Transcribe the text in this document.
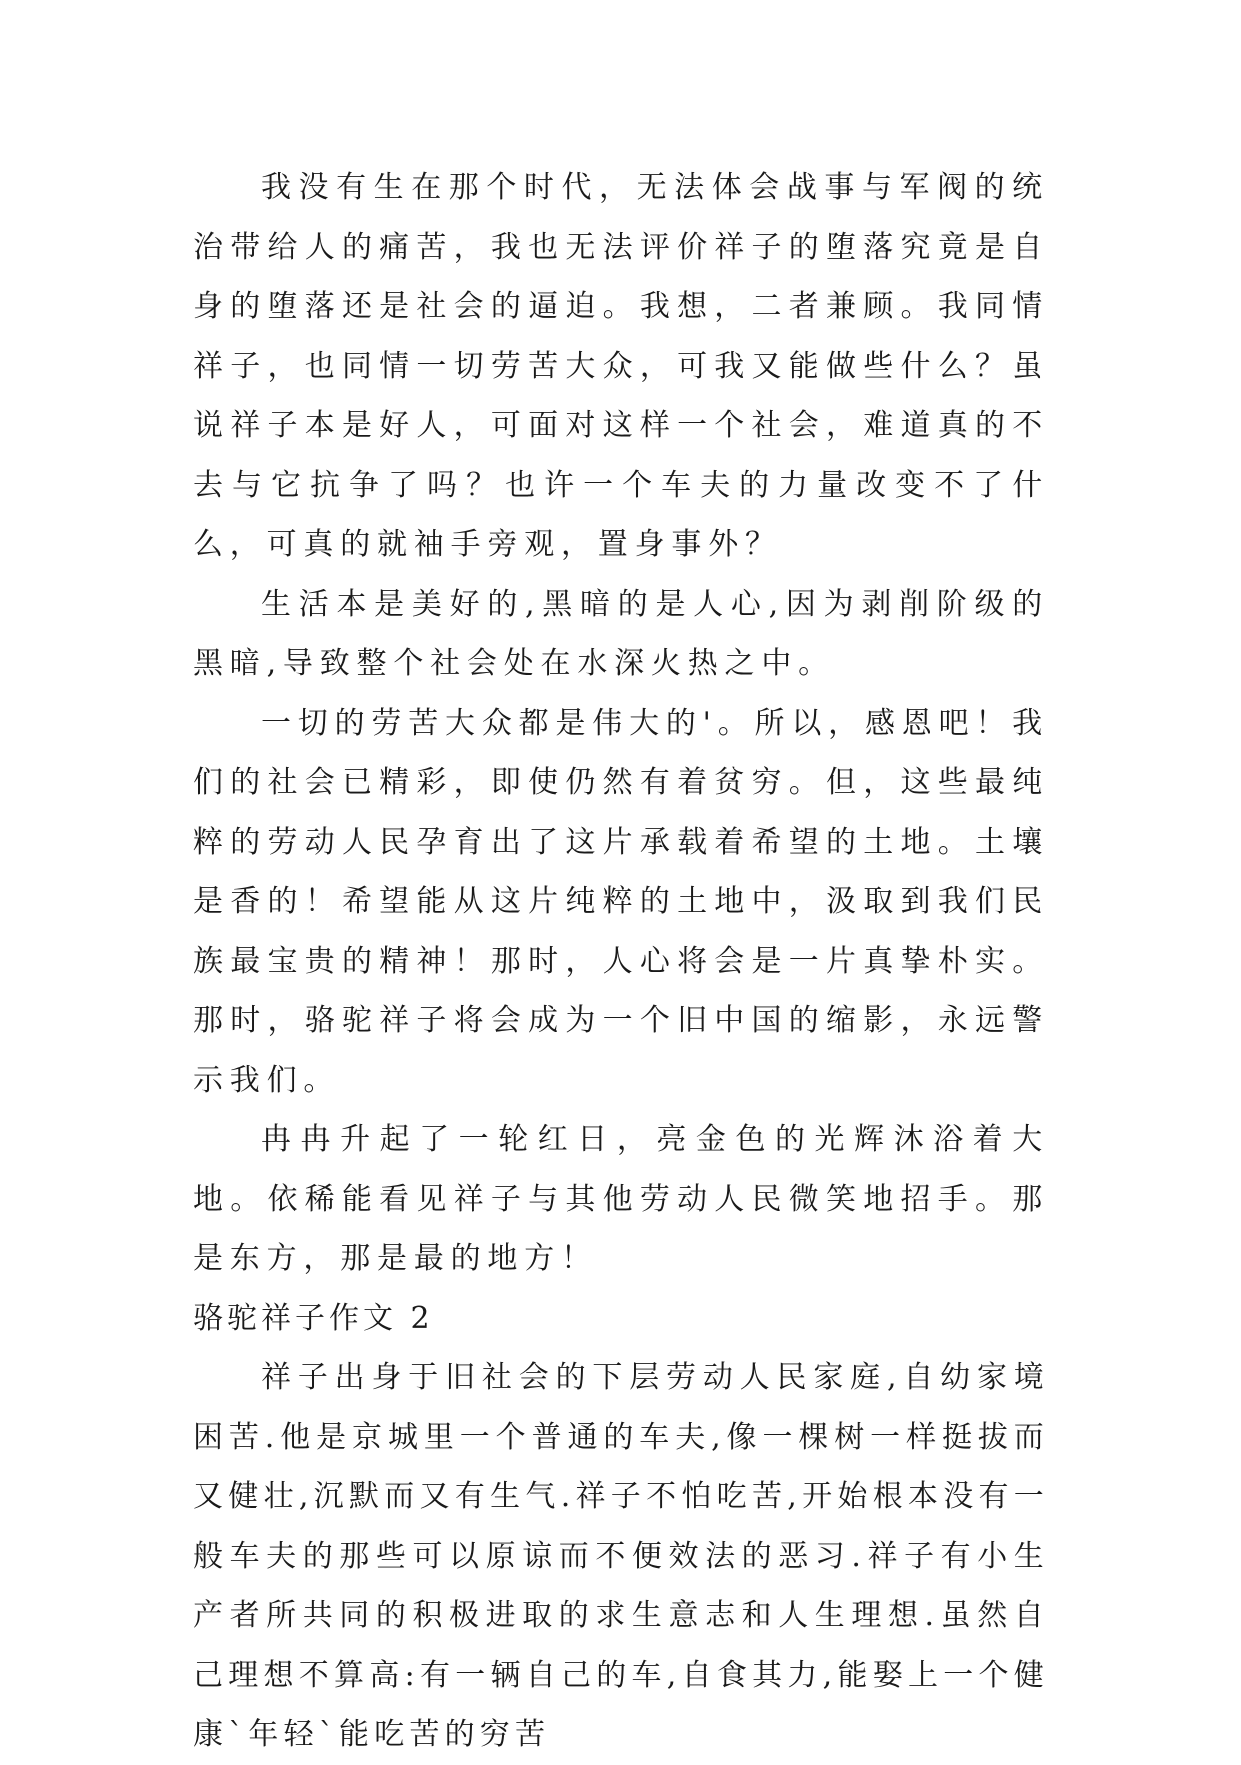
我没有生在那个时代，无法体会战事与军阀的统治带给人的痛苦，我也无法评价祥子的堕落究竟是自身的堕落还是社会的逼迫。我想，二者兼顾。我同情祥子，也同情一切劳苦大众，可我又能做些什么？虽说祥子本是好人，可面对这样一个社会，难道真的不去与它抗争了吗？也许一个车夫的力量改变不了什么，可真的就袖手旁观，置身事外？

生活本是美好的,黑暗的是人心,因为剥削阶级的黑暗,导致整个社会处在水深火热之中。

一切的劳苦大众都是伟大的'。所以，感恩吧！我们的社会已精彩，即使仍然有着贫穷。但，这些最纯粹的劳动人民孕育出了这片承载着希望的土地。土壤是香的！希望能从这片纯粹的土地中，汲取到我们民族最宝贵的精神！那时，人心将会是一片真挚朴实。那时，骆驼祥子将会成为一个旧中国的缩影，永远警示我们。

冉冉升起了一轮红日，亮金色的光辉沐浴着大地。依稀能看见祥子与其他劳动人民微笑地招手。那是东方，那是最的地方！

骆驼祥子作文 2

祥子出身于旧社会的下层劳动人民家庭,自幼家境困苦.他是京城里一个普通的车夫,像一棵树一样挺拔而又健壮,沉默而又有生气.祥子不怕吃苦,开始根本没有一般车夫的那些可以原谅而不便效法的恶习.祥子有小生产者所共同的积极进取的求生意志和人生理想.虽然自己理想不算高:有一辆自己的车,自食其力,能娶上一个健康`年轻`能吃苦的穷苦
